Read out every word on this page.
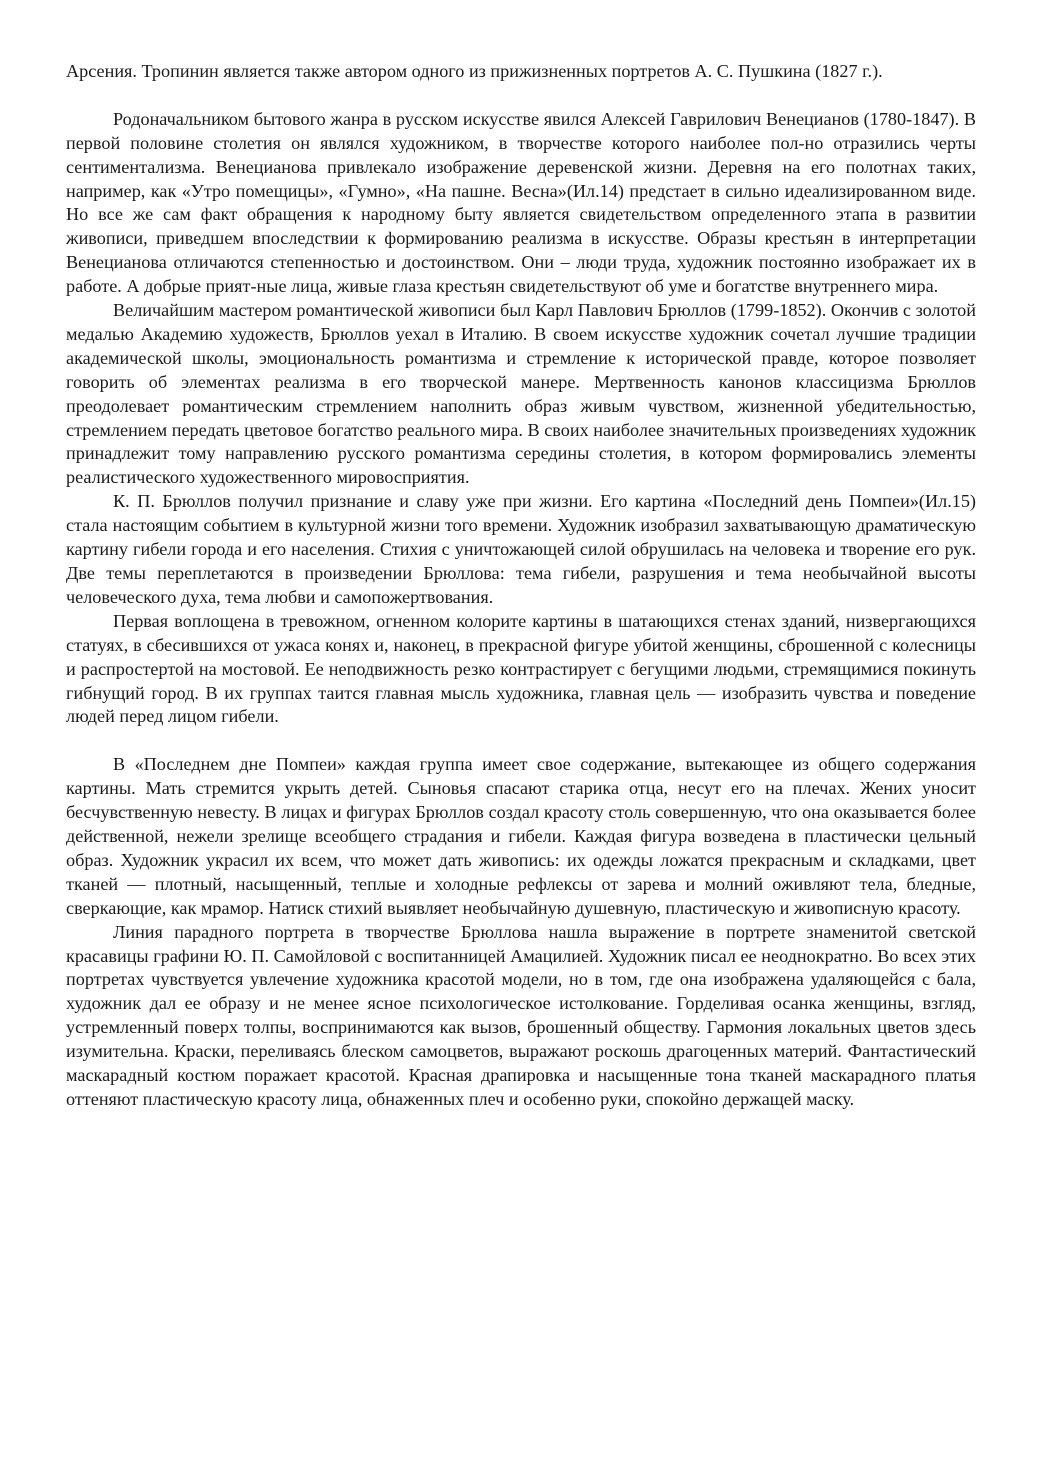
Арсения. Тропинин является также автором одного из прижизненных портретов А. С. Пушкина (1827 г.).

Родоначальником бытового жанра в русском искусстве явился Алексей Гаврилович Венецианов (1780-1847). В первой половине столетия он являлся художником, в творчестве которого наиболее пол-но отразились черты сентиментализма. Венецианова привлекало изображение деревенской жизни. Деревня на его полотнах таких, например, как «Утро помещицы», «Гумно», «На пашне. Весна»(Ил.14) предстает в сильно идеализированном виде. Но все же сам факт обращения к народному быту является свидетельством определенного этапа в развитии живописи, приведшем впоследствии к формированию реализма в искусстве. Образы крестьян в интерпретации Венецианова отличаются степенностью и достоинством. Они – люди труда, художник постоянно изображает их в работе. А добрые прият-ные лица, живые глаза крестьян свидетельствуют об уме и богатстве внутреннего мира.

Величайшим мастером романтической живописи был Карл Павлович Брюллов (1799-1852). Окончив с золотой медалью Академию художеств, Брюллов уехал в Италию. В своем искусстве художник сочетал лучшие традиции академической школы, эмоциональность романтизма и стремление к исторической правде, которое позволяет говорить об элементах реализма в его творческой манере. Мертвенность канонов классицизма Брюллов преодолевает романтическим стремлением наполнить образ живым чувством, жизненной убедительностью, стремлением передать цветовое богатство реального мира. В своих наиболее значительных произведениях художник принадлежит тому направлению русского романтизма середины столетия, в котором формировались элементы реалистического художественного мировосприятия.

К. П. Брюллов получил признание и славу уже при жизни. Его картина «Последний день Помпеи»(Ил.15) стала настоящим событием в культурной жизни того времени. Художник изобразил захватывающую драматическую картину гибели города и его населения. Стихия с уничтожающей силой обрушилась на человека и творение его рук. Две темы переплетаются в произведении Брюллова: тема гибели, разрушения и тема необычайной высоты человеческого духа, тема любви и самопожертвования.

Первая воплощена в тревожном, огненном колорите картины в шатающихся стенах зданий, низвергающихся статуях, в сбесившихся от ужаса конях и, наконец, в прекрасной фигуре убитой женщины, сброшенной с колесницы и распростертой на мостовой. Ее неподвижность резко контрастирует с бегущими людьми, стремящимися покинуть гибнущий город. В их группах таится главная мысль художника, главная цель — изобразить чувства и поведение людей перед лицом гибели.

В «Последнем дне Помпеи» каждая группа имеет свое содержание, вытекающее из общего содержания картины. Мать стремится укрыть детей. Сыновья спасают старика отца, несут его на плечах. Жених уносит бесчувственную невесту. В лицах и фигурах Брюллов создал красоту столь совершенную, что она оказывается более действенной, нежели зрелище всеобщего страдания и гибели. Каждая фигура возведена в пластически цельный образ. Художник украсил их всем, что может дать живопись: их одежды ложатся прекрасным и складками, цвет тканей — плотный, насыщенный, теплые и холодные рефлексы от зарева и молний оживляют тела, бледные, сверкающие, как мрамор. Натиск стихий выявляет необычайную душевную, пластическую и живописную красоту.

Линия парадного портрета в творчестве Брюллова нашла выражение в портрете знаменитой светской красавицы графини Ю. П. Самойловой с воспитанницей Амацилией. Художник писал ее неоднократно. Во всех этих портретах чувствуется увлечение художника красотой модели, но в том, где она изображена удаляющейся с бала, художник дал ее образу и не менее ясное психологическое истолкование. Горделивая осанка женщины, взгляд, устремленный поверх толпы, воспринимаются как вызов, брошенный обществу. Гармония локальных цветов здесь изумительна. Краски, переливаясь блеском самоцветов, выражают роскошь драгоценных материй. Фантастический маскарадный костюм поражает красотой. Красная драпировка и насыщенные тона тканей маскарадного платья оттеняют пластическую красоту лица, обнаженных плеч и особенно руки, спокойно держащей маску.
